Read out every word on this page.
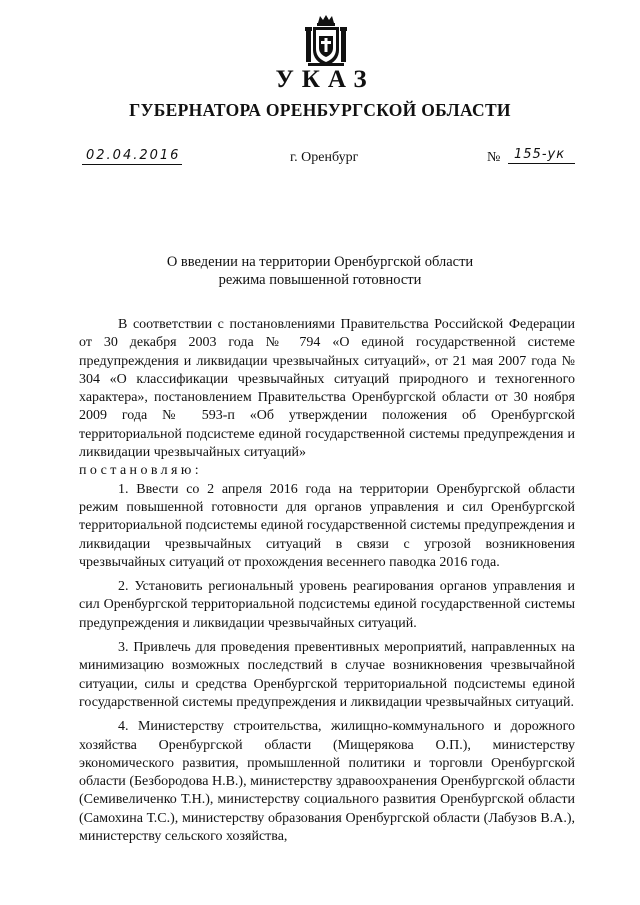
УКАЗ
ГУБЕРНАТОРА ОРЕНБУРГСКОЙ ОБЛАСТИ
02.04.2016	г. Оренбург	№	155-ук
О введении на территории Оренбургской области
режима повышенной готовности

В соответствии с постановлениями Правительства Российской Федерации от 30 декабря 2003 года № 794 «О единой государственной системе предупреждения и ликвидации чрезвычайных ситуаций», от 21 мая 2007 года № 304 «О классификации чрезвычайных ситуаций природного и техногенного характера», постановлением Правительства Оренбургской области от 30 ноября 2009 года № 593-п «Об утверждении положения об Оренбургской территориальной подсистеме единой государственной системы предупреждения и ликвидации чрезвычайных ситуаций»

постановляю:

1. Ввести со 2 апреля 2016 года на территории Оренбургской области режим повышенной готовности для органов управления и сил Оренбургской территориальной подсистемы единой государственной системы предупреждения и ликвидации чрезвычайных ситуаций в связи с угрозой возникновения чрезвычайных ситуаций от прохождения весеннего паводка 2016 года.

2. Установить региональный уровень реагирования органов управления и сил Оренбургской территориальной подсистемы единой государственной системы предупреждения и ликвидации чрезвычайных ситуаций.

3. Привлечь для проведения превентивных мероприятий, направленных на минимизацию возможных последствий в случае возникновения чрезвычайной ситуации, силы и средства Оренбургской территориальной подсистемы единой государственной системы предупреждения и ликвидации чрезвычайных ситуаций.

4. Министерству строительства, жилищно-коммунального и дорожного хозяйства Оренбургской области (Мищерякова О.П.), министерству экономического развития, промышленной политики и торговли Оренбургской области (Безбородова Н.В.), министерству здравоохранения Оренбургской области (Семивеличенко Т.Н.), министерству социального развития Оренбургской области (Самохина Т.С.), министерству образования Оренбургской области (Лабузов В.А.), министерству сельского хозяйства,
